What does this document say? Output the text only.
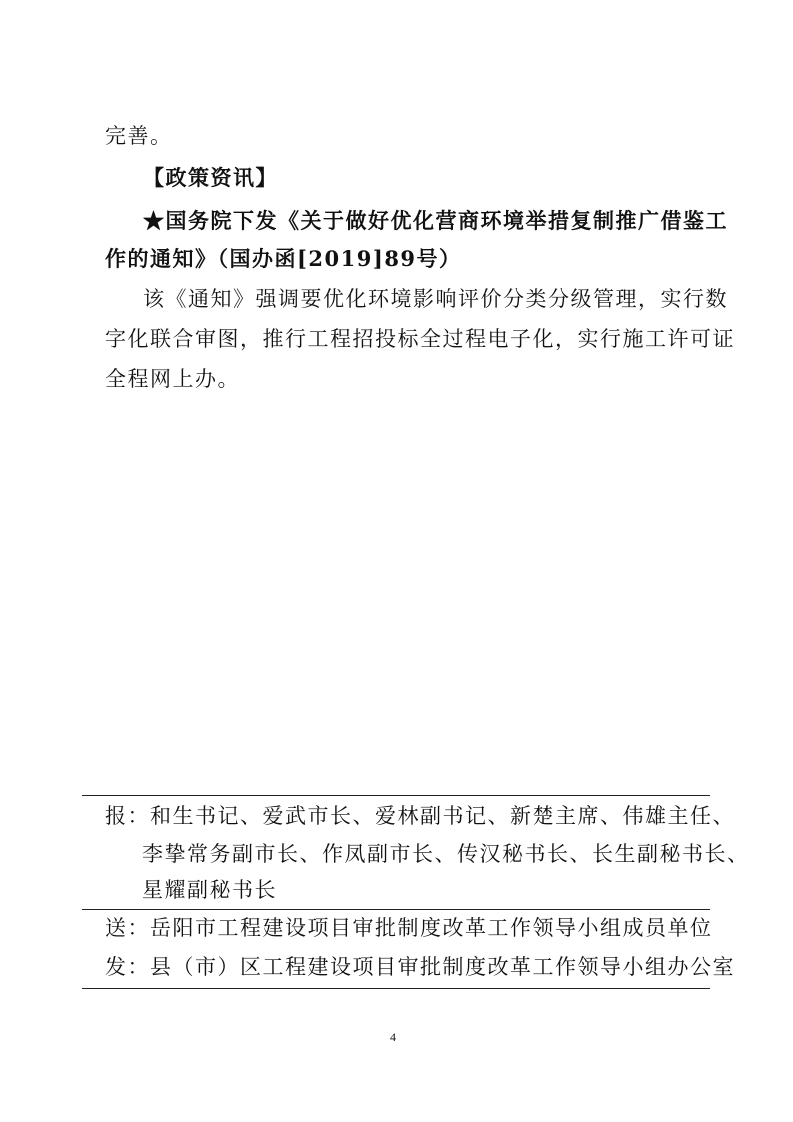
完善。
【政策资讯】
★国务院下发《关于做好优化营商环境举措复制推广借鉴工
作的通知》（国办函[2019]89号）
该《通知》强调要优化环境影响评价分类分级管理，实行数
字化联合审图，推行工程招投标全过程电子化，实行施工许可证
全程网上办。
报：和生书记、爱武市长、爱林副书记、新楚主席、伟雄主任、
李挚常务副市长、作凤副市长、传汉秘书长、长生副秘书长、
星耀副秘书长
送：岳阳市工程建设项目审批制度改革工作领导小组成员单位
发：县（市）区工程建设项目审批制度改革工作领导小组办公室
4
